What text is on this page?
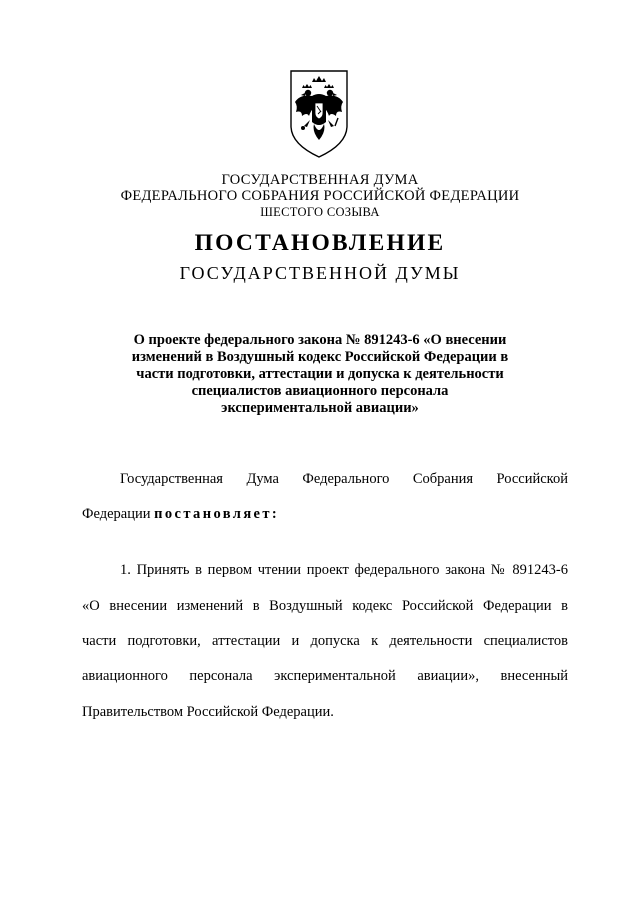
ГОСУДАРСТВЕННАЯ ДУМА
ФЕДЕРАЛЬНОГО СОБРАНИЯ РОССИЙСКОЙ ФЕДЕРАЦИИ
ШЕСТОГО СОЗЫВА
ПОСТАНОВЛЕНИЕ
ГОСУДАРСТВЕННОЙ ДУМЫ
О проекте федерального закона № 891243-6 «О внесении
изменений в Воздушный кодекс Российской Федерации в
части подготовки, аттестации и допуска к деятельности
специалистов авиационного персонала
экспериментальной авиации»
Государственная Дума Федерального Собрания Российской
Федерации постановляет:
1. Принять в первом чтении проект федерального закона № 891243-6
«О внесении изменений в Воздушный кодекс Российской Федерации в
части подготовки, аттестации и допуска к деятельности специалистов
авиационного персонала экспериментальной авиации», внесенный
Правительством Российской Федерации.
